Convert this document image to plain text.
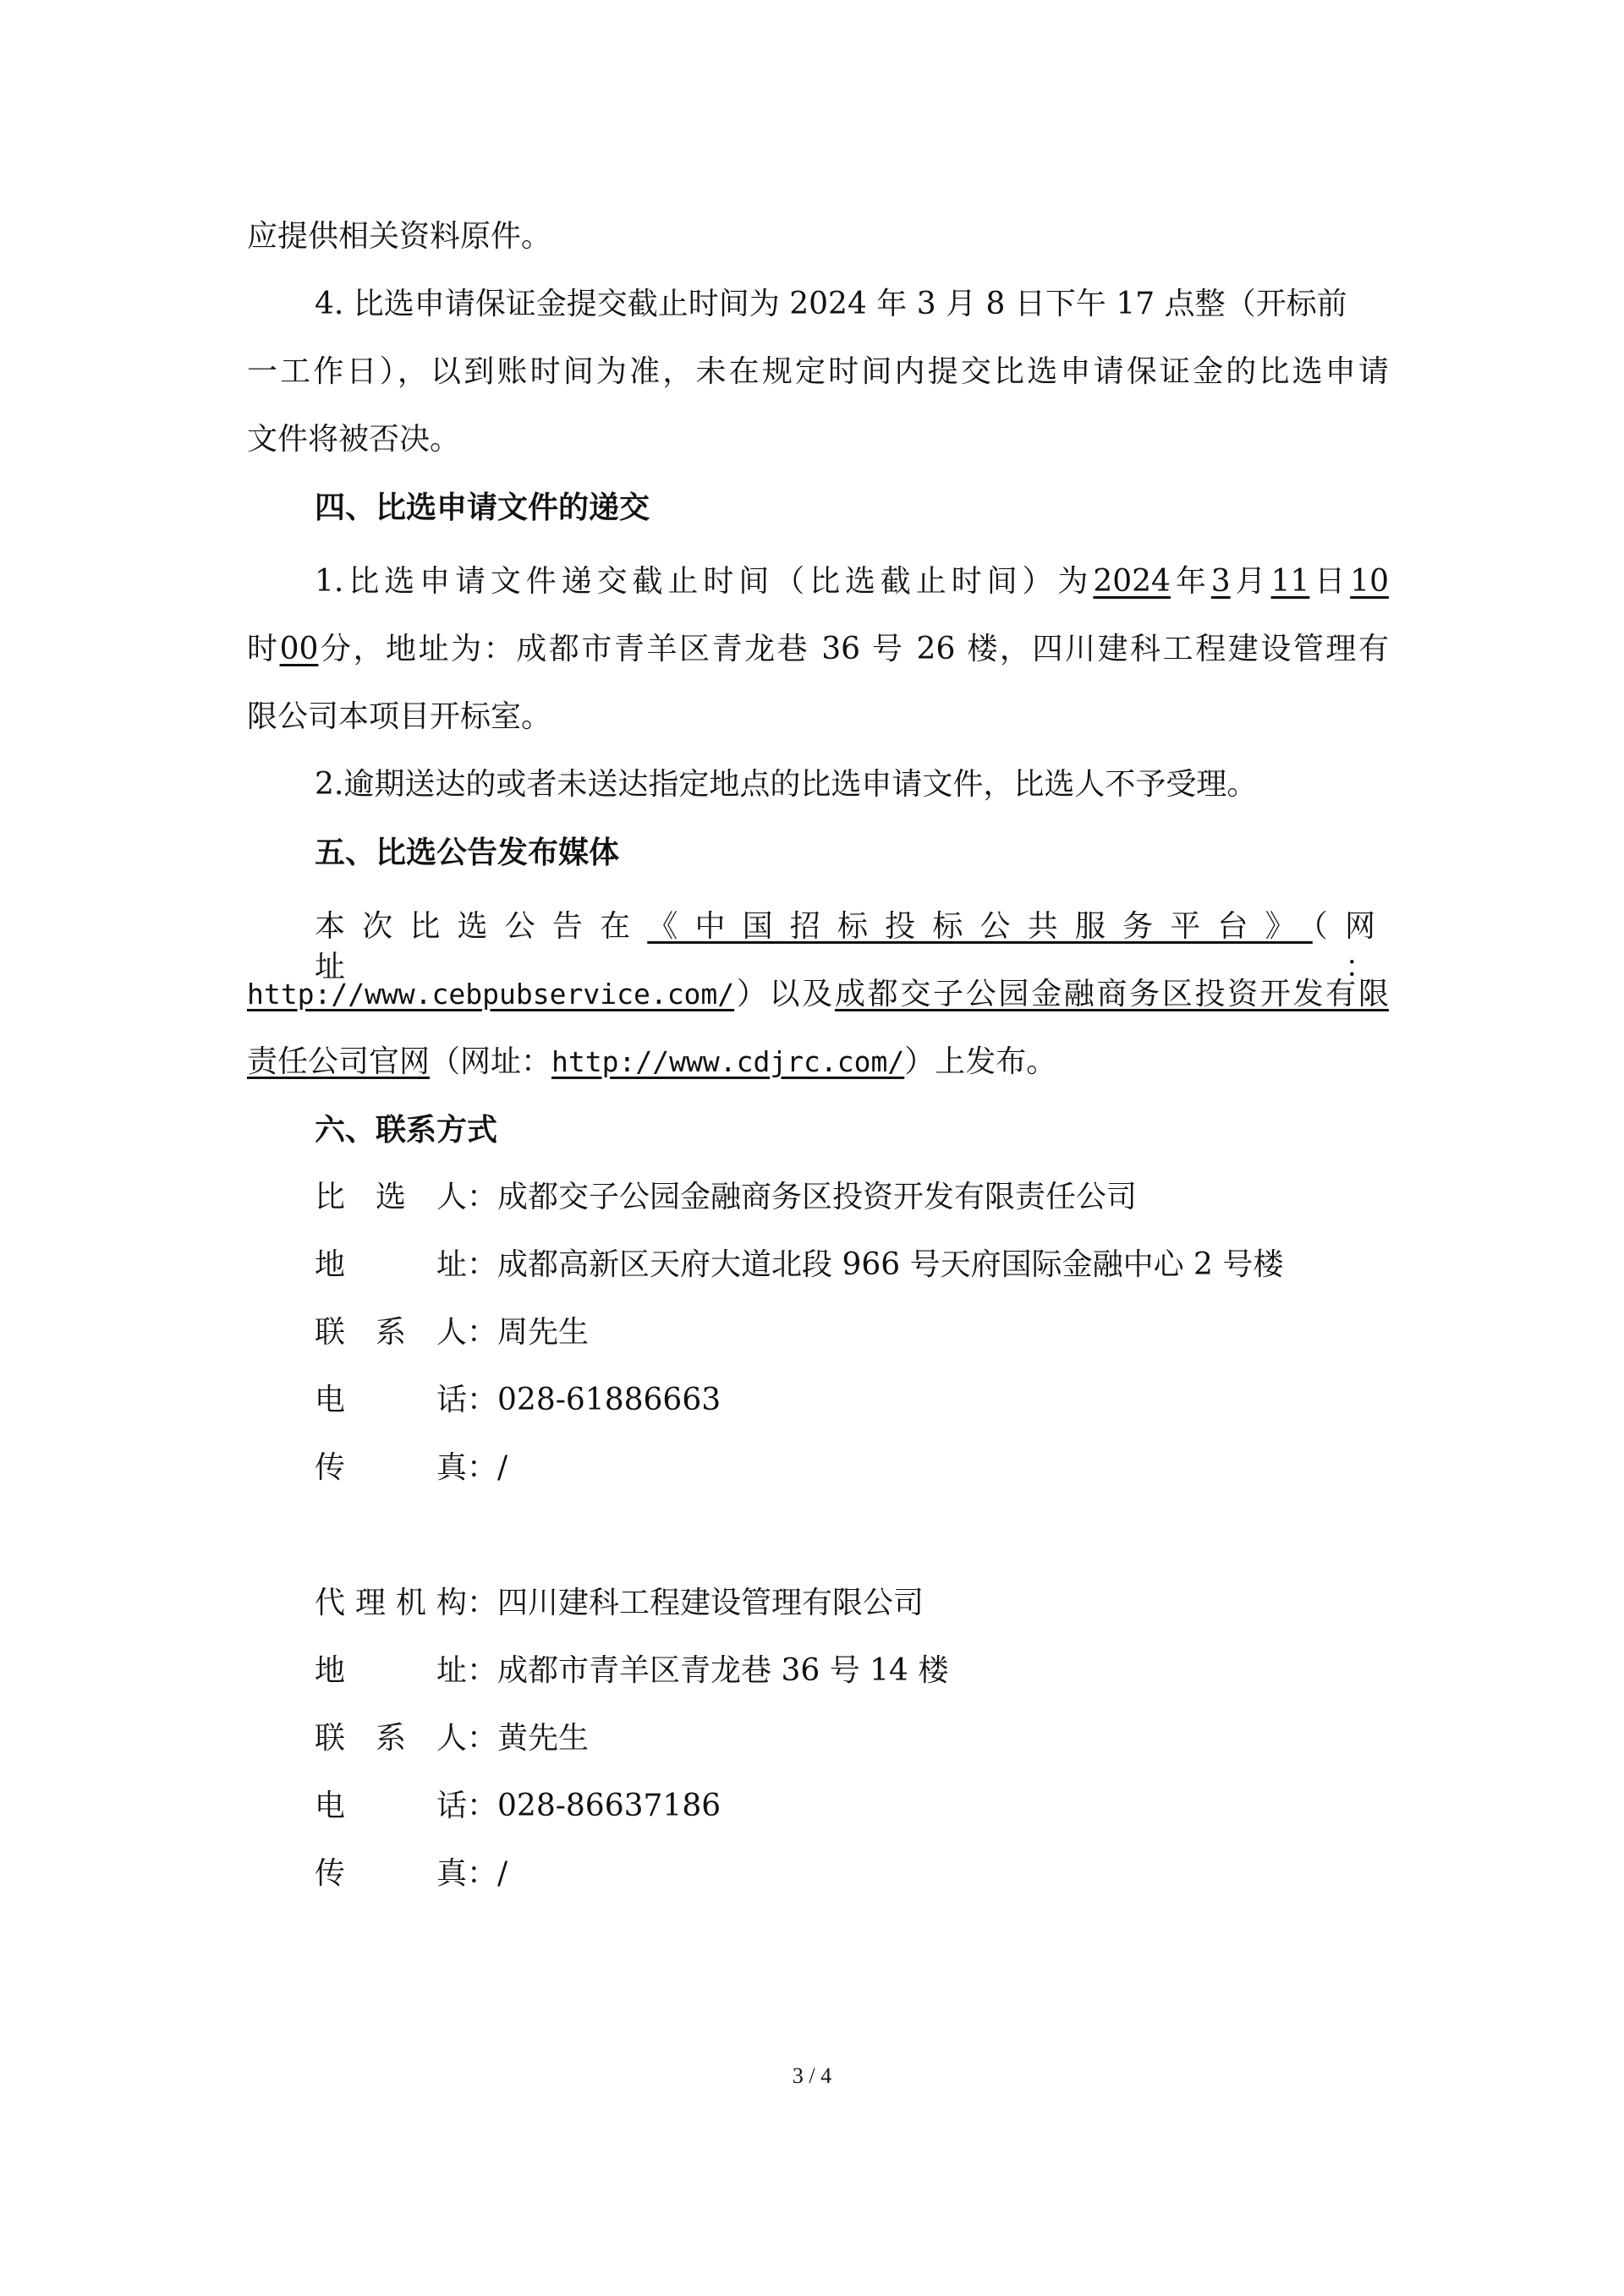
应提供相关资料原件。
4. 比选申请保证金提交截止时间为 2024 年 3 月 8 日下午 17 点整（开标前
一工作日），以到账时间为准，未在规定时间内提交比选申请保证金的比选申请
文件将被否决。
四、比选申请文件的递交
1.比选申请文件递交截止时间（比选截止时间）为2024年3月11日10
时00分，地址为：成都市青羊区青龙巷 36 号 26 楼，四川建科工程建设管理有
限公司本项目开标室。
2.逾期送达的或者未送达指定地点的比选申请文件，比选人不予受理。
五、比选公告发布媒体
本次比选公告在《中国招标投标公共服务平台》（网址：
http://www.cebpubservice.com/）以及成都交子公园金融商务区投资开发有限
责任公司官网（网址：http://www.cdjrc.com/）上发布。
六、联系方式
比选人：成都交子公园金融商务区投资开发有限责任公司
地址：成都高新区天府大道北段 966 号天府国际金融中心 2 号楼
联系人：周先生
电话：028-61886663
传真：/
代理机构：四川建科工程建设管理有限公司
地址：成都市青羊区青龙巷 36 号 14 楼
联系人：黄先生
电话：028-86637186
传真：/
3 / 4
